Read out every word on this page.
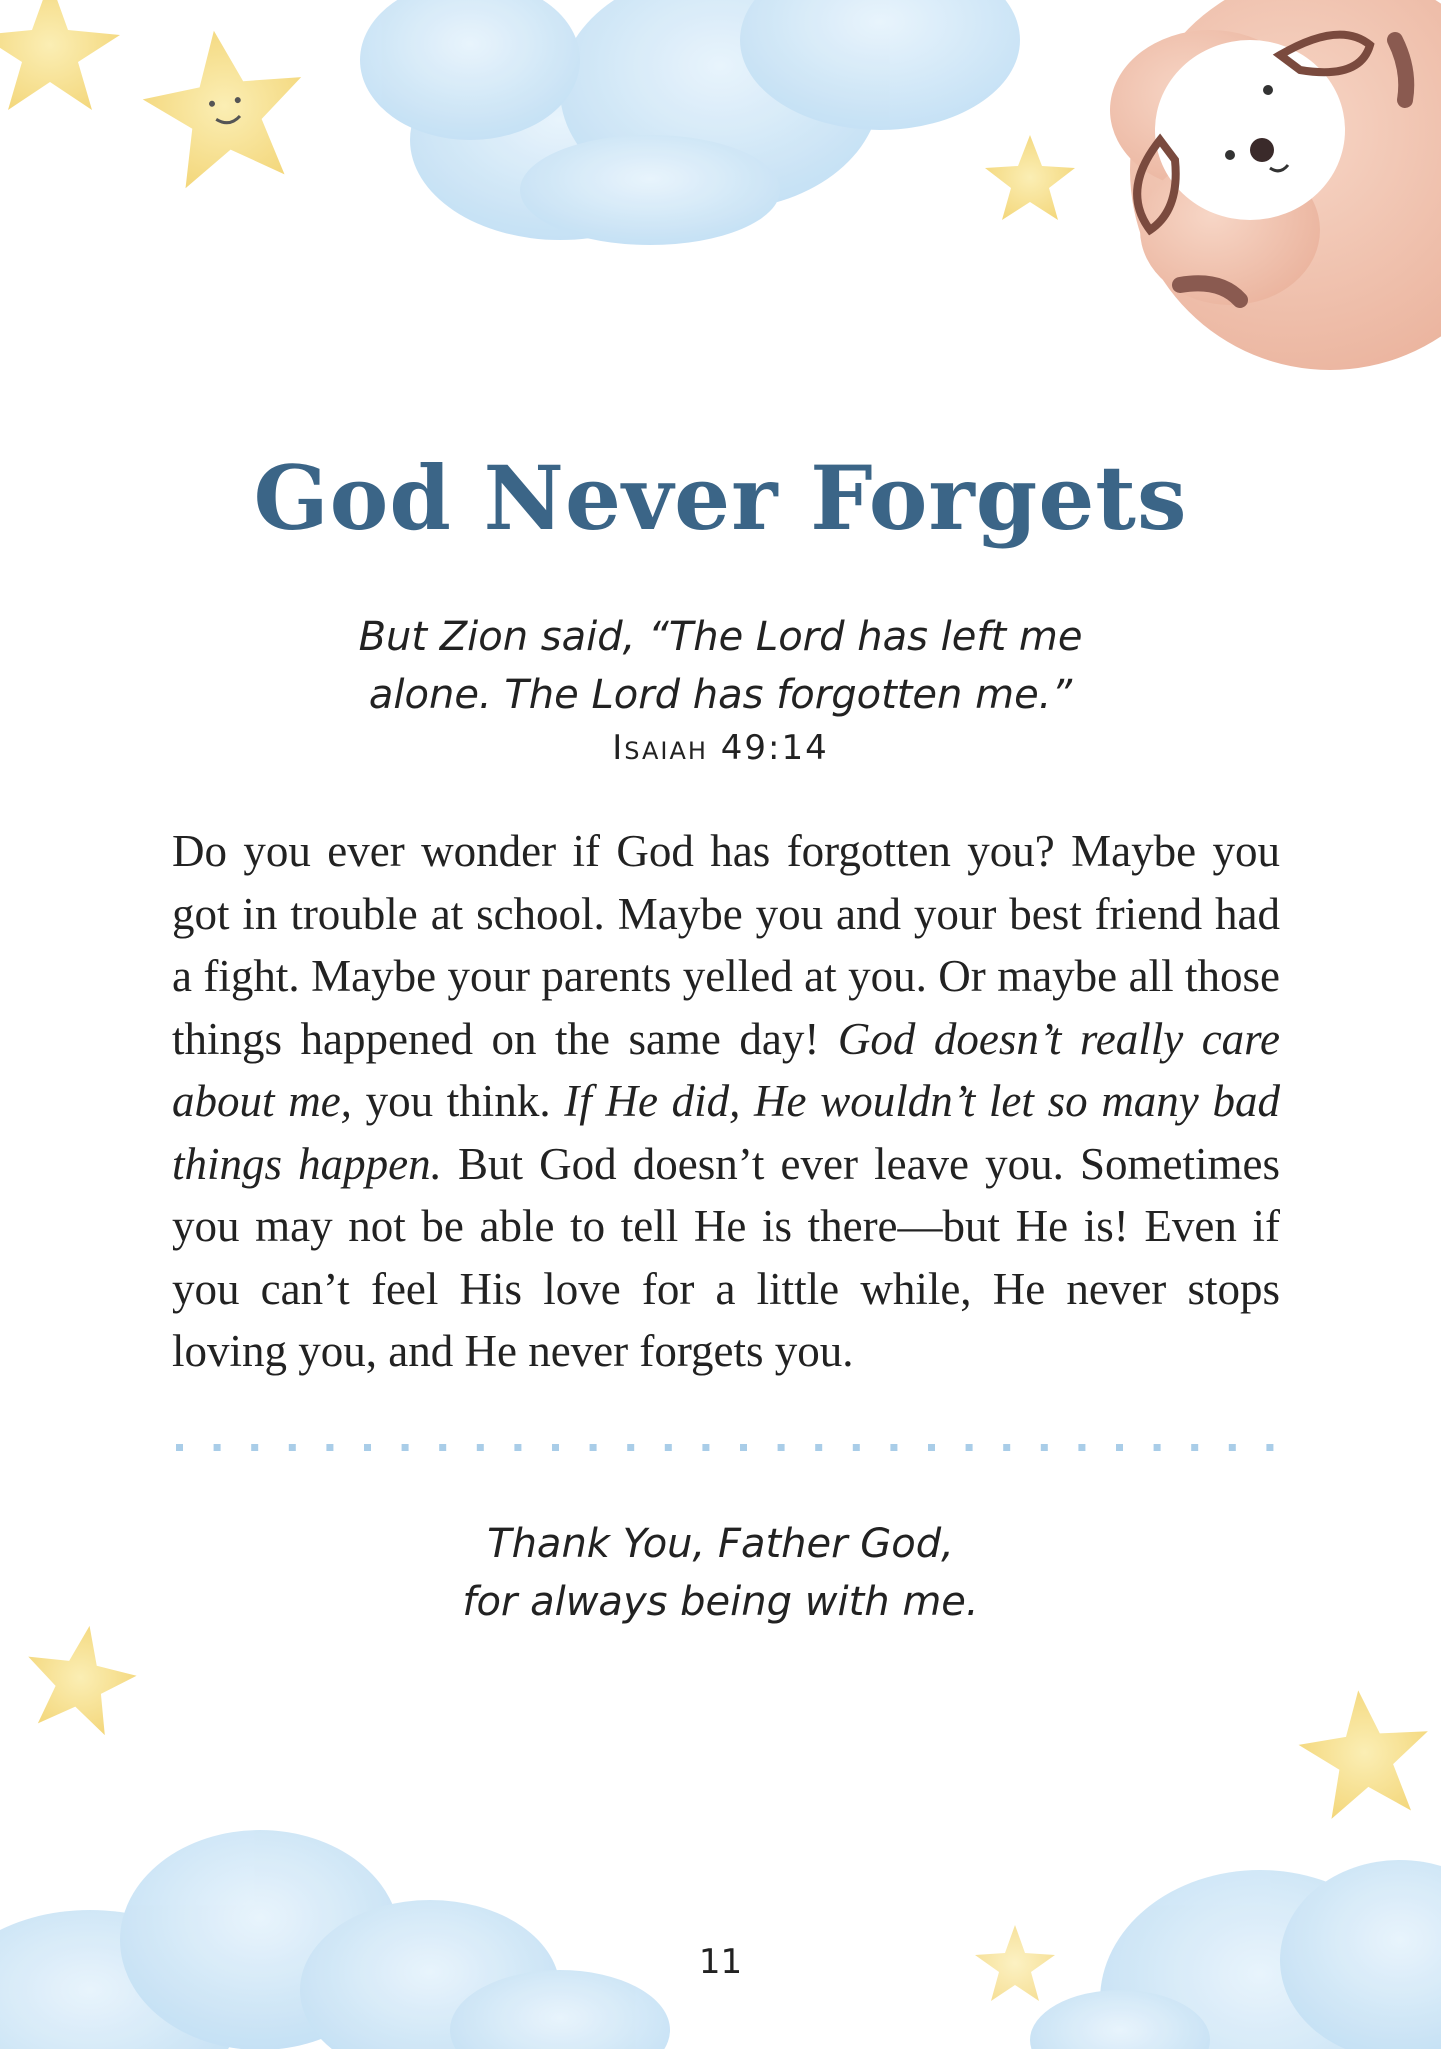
God Never Forgets
But Zion said, “The Lord has left me
alone. The Lord has forgotten me.”
Isaiah 49:14
Do you ever wonder if God has forgotten you? Maybe you got in trouble at school. Maybe you and your best friend had a fight. Maybe your parents yelled at you. Or maybe all those things happened on the same day! God doesn’t really care about me, you think. If He did, He wouldn’t let so many bad things happen. But God doesn’t ever leave you. Sometimes you may not be able to tell He is there—but He is! Even if you can’t feel His love for a little while, He never stops loving you, and He never forgets you.
Thank You, Father God,
for always being with me.
11
